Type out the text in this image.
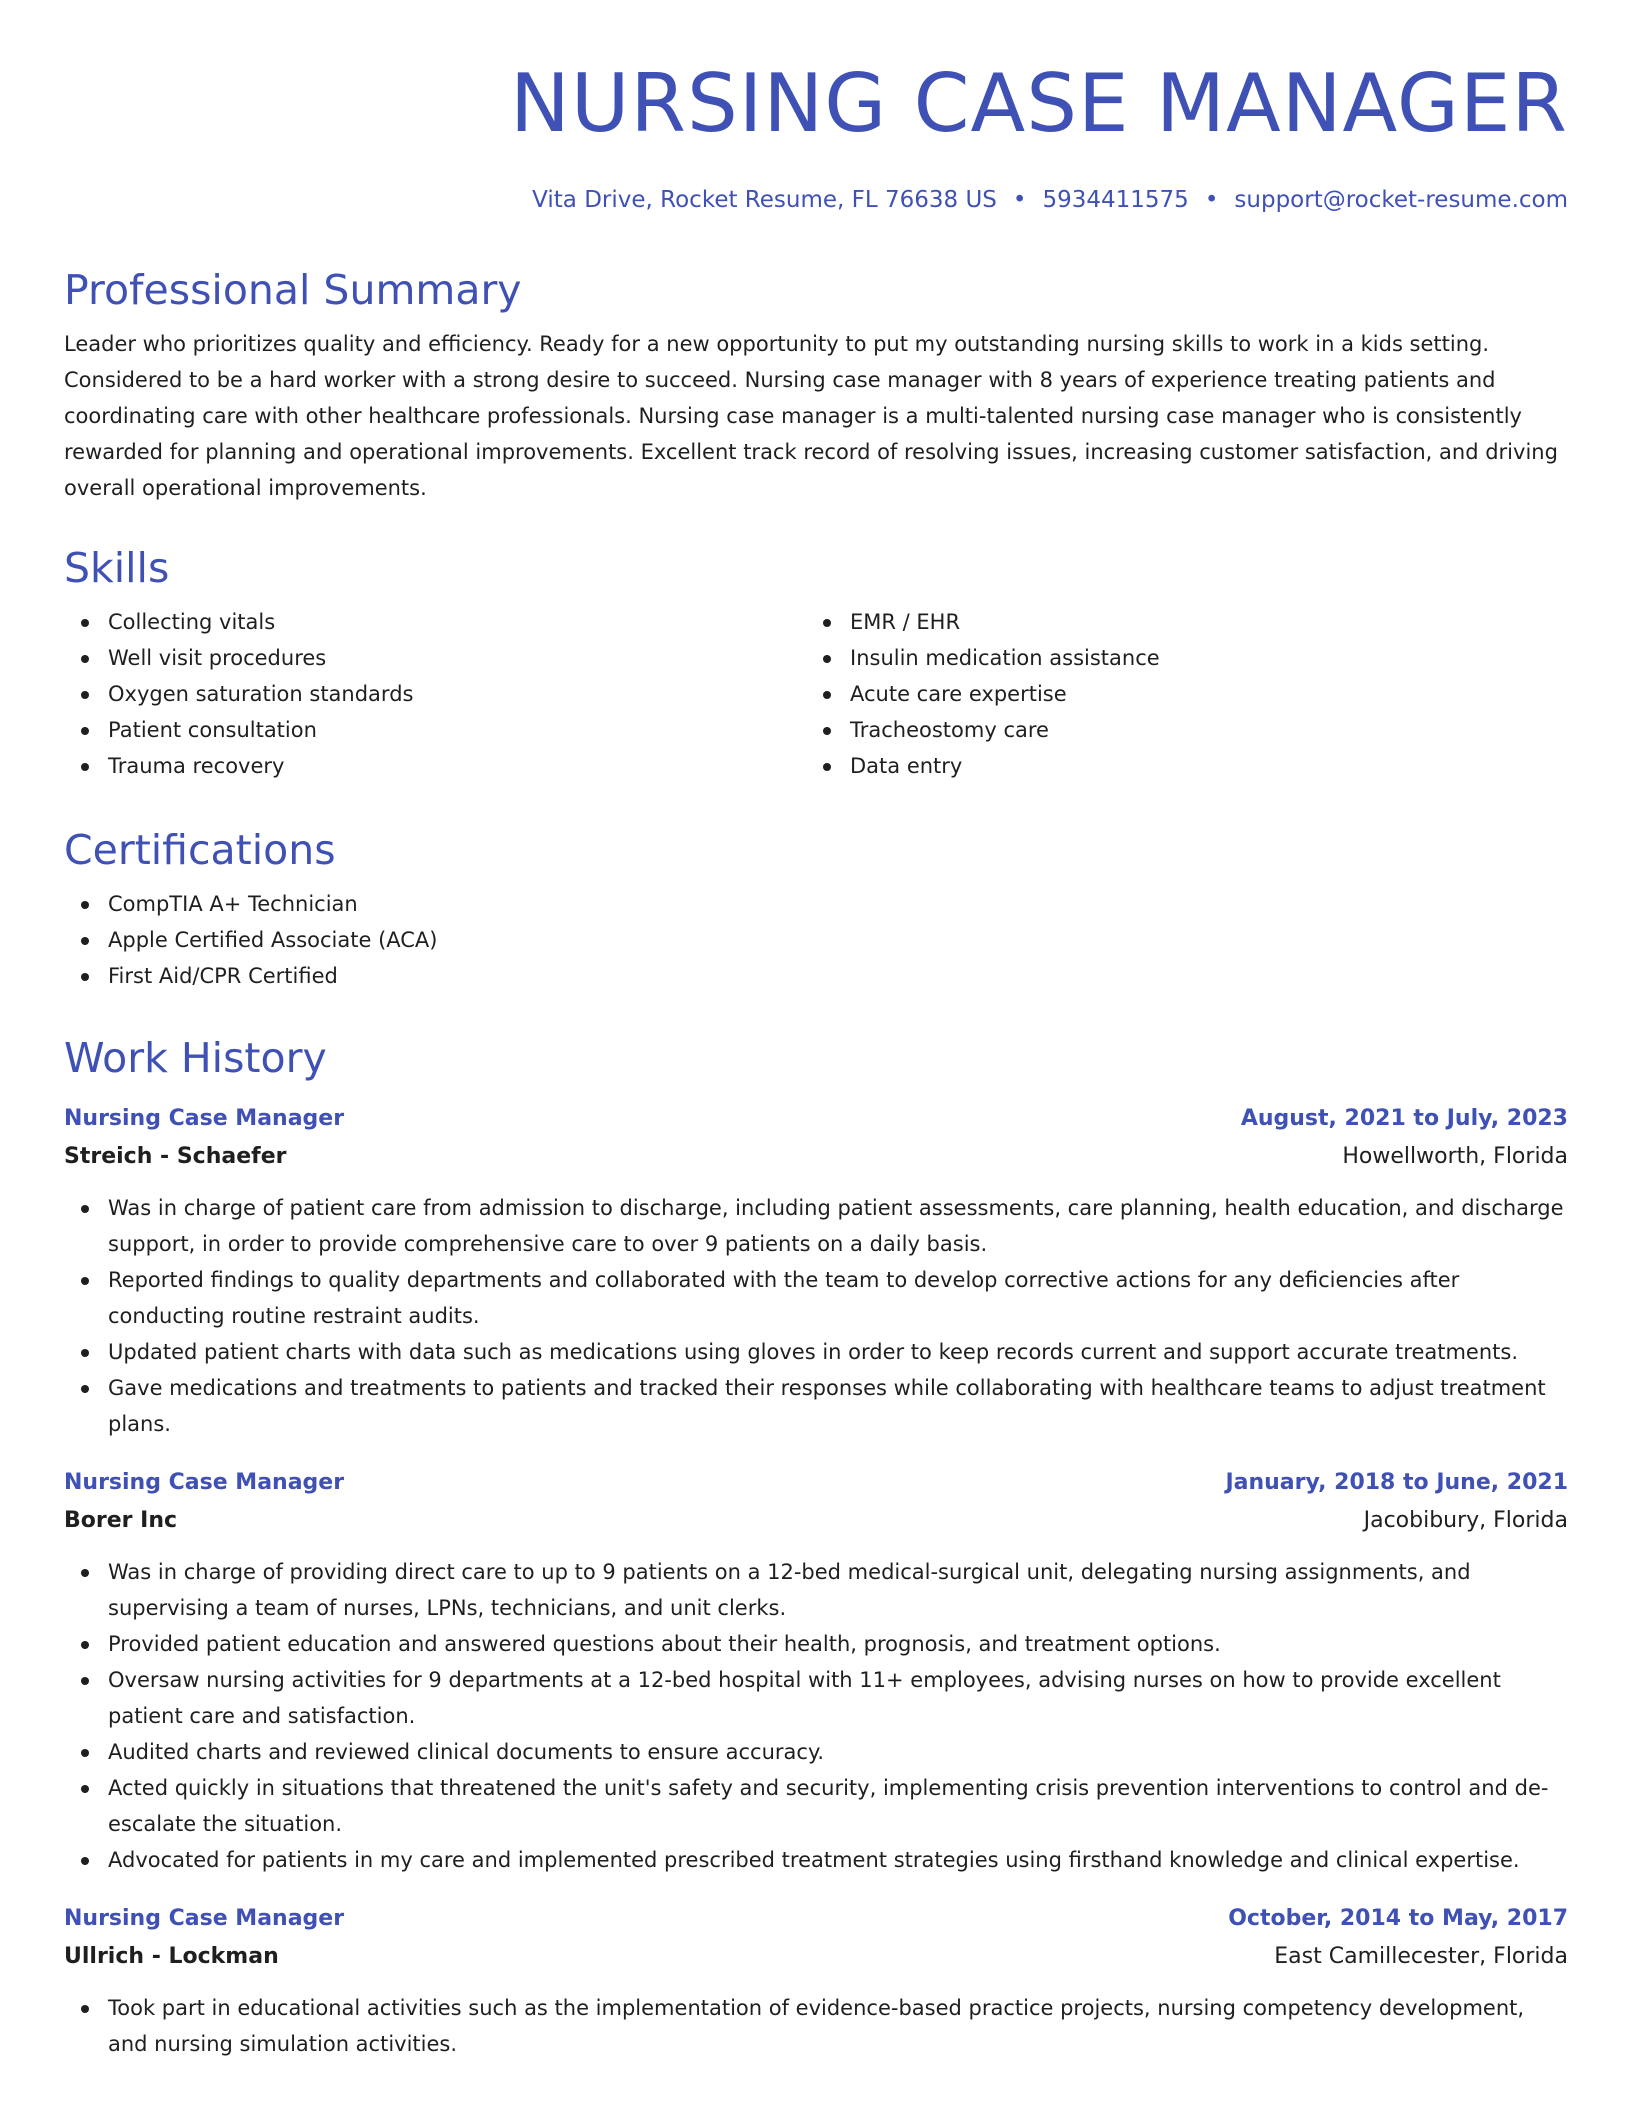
NURSING CASE MANAGER
Vita Drive, Rocket Resume, FL 76638 US • 5934411575 • support@rocket-resume.com
Professional Summary

Leader who prioritizes quality and efficiency. Ready for a new opportunity to put my outstanding nursing skills to work in a kids setting. Considered to be a hard worker with a strong desire to succeed. Nursing case manager with 8 years of experience treating patients and coordinating care with other healthcare professionals. Nursing case manager is a multi-talented nursing case manager who is consistently rewarded for planning and operational improvements. Excellent track record of resolving issues, increasing customer satisfaction, and driving overall operational improvements.

Skills
Collecting vitals
Well visit procedures
Oxygen saturation standards
Patient consultation
Trauma recovery
EMR / EHR
Insulin medication assistance
Acute care expertise
Tracheostomy care
Data entry
Certifications
CompTIA A+ Technician
Apple Certified Associate (ACA)
First Aid/CPR Certified
Work History
Nursing Case Manager	August, 2021 to July, 2023
Streich - Schaefer	Howellworth, Florida
Was in charge of patient care from admission to discharge, including patient assessments, care planning, health education, and discharge support, in order to provide comprehensive care to over 9 patients on a daily basis.
Reported findings to quality departments and collaborated with the team to develop corrective actions for any deficiencies after conducting routine restraint audits.
Updated patient charts with data such as medications using gloves in order to keep records current and support accurate treatments.
Gave medications and treatments to patients and tracked their responses while collaborating with healthcare teams to adjust treatment plans.
Nursing Case Manager	January, 2018 to June, 2021
Borer Inc	Jacobibury, Florida
Was in charge of providing direct care to up to 9 patients on a 12-bed medical-surgical unit, delegating nursing assignments, and supervising a team of nurses, LPNs, technicians, and unit clerks.
Provided patient education and answered questions about their health, prognosis, and treatment options.
Oversaw nursing activities for 9 departments at a 12-bed hospital with 11+ employees, advising nurses on how to provide excellent patient care and satisfaction.
Audited charts and reviewed clinical documents to ensure accuracy.
Acted quickly in situations that threatened the unit's safety and security, implementing crisis prevention interventions to control and de-escalate the situation.
Advocated for patients in my care and implemented prescribed treatment strategies using firsthand knowledge and clinical expertise.
Nursing Case Manager	October, 2014 to May, 2017
Ullrich - Lockman	East Camillecester, Florida
Took part in educational activities such as the implementation of evidence-based practice projects, nursing competency development, and nursing simulation activities.
